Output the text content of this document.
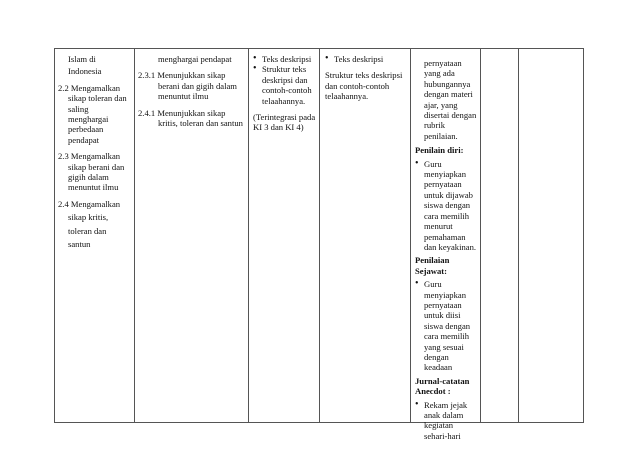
Islam di

Indonesia

2.2 Mengamalkan

sikap toleran dan

saling

menghargai

perbedaan

pendapat

2.3 Mengamalkan

sikap berani dan

gigih dalam

menuntut ilmu

2.4 Mengamalkan

sikap kritis,

toleran dan

santun

menghargai pendapat

2.3.1 Menunjukkan sikap

berani dan gigih dalam

menuntut ilmu

2.4.1 Menunjukkan sikap

kritis, toleran dan santun

• Teks deskripsi

• Struktur teks

deskripsi dan

contoh-contoh

telaahannya.

(Terintegrasi pada

KI 3 dan KI 4)

• Teks deskripsi

Struktur teks deskripsi

dan contoh-contoh

telaahannya.

pernyataan

yang ada

hubungannya

dengan materi

ajar, yang

disertai dengan

rubrik

penilaian.

Penilain diri:

• Guru

menyiapkan

pernyataan

untuk dijawab

siswa dengan

cara memilih

menurut

pemahaman

dan keyakinan.

Penilaian

Sejawat:

• Guru

menyiapkan

pernyataan

untuk diisi

siswa dengan

cara memilih

yang sesuai

dengan

keadaan

Jurnal-catatan

Anecdot :

• Rekam jejak

anak dalam

kegiatan

sehari-hari
